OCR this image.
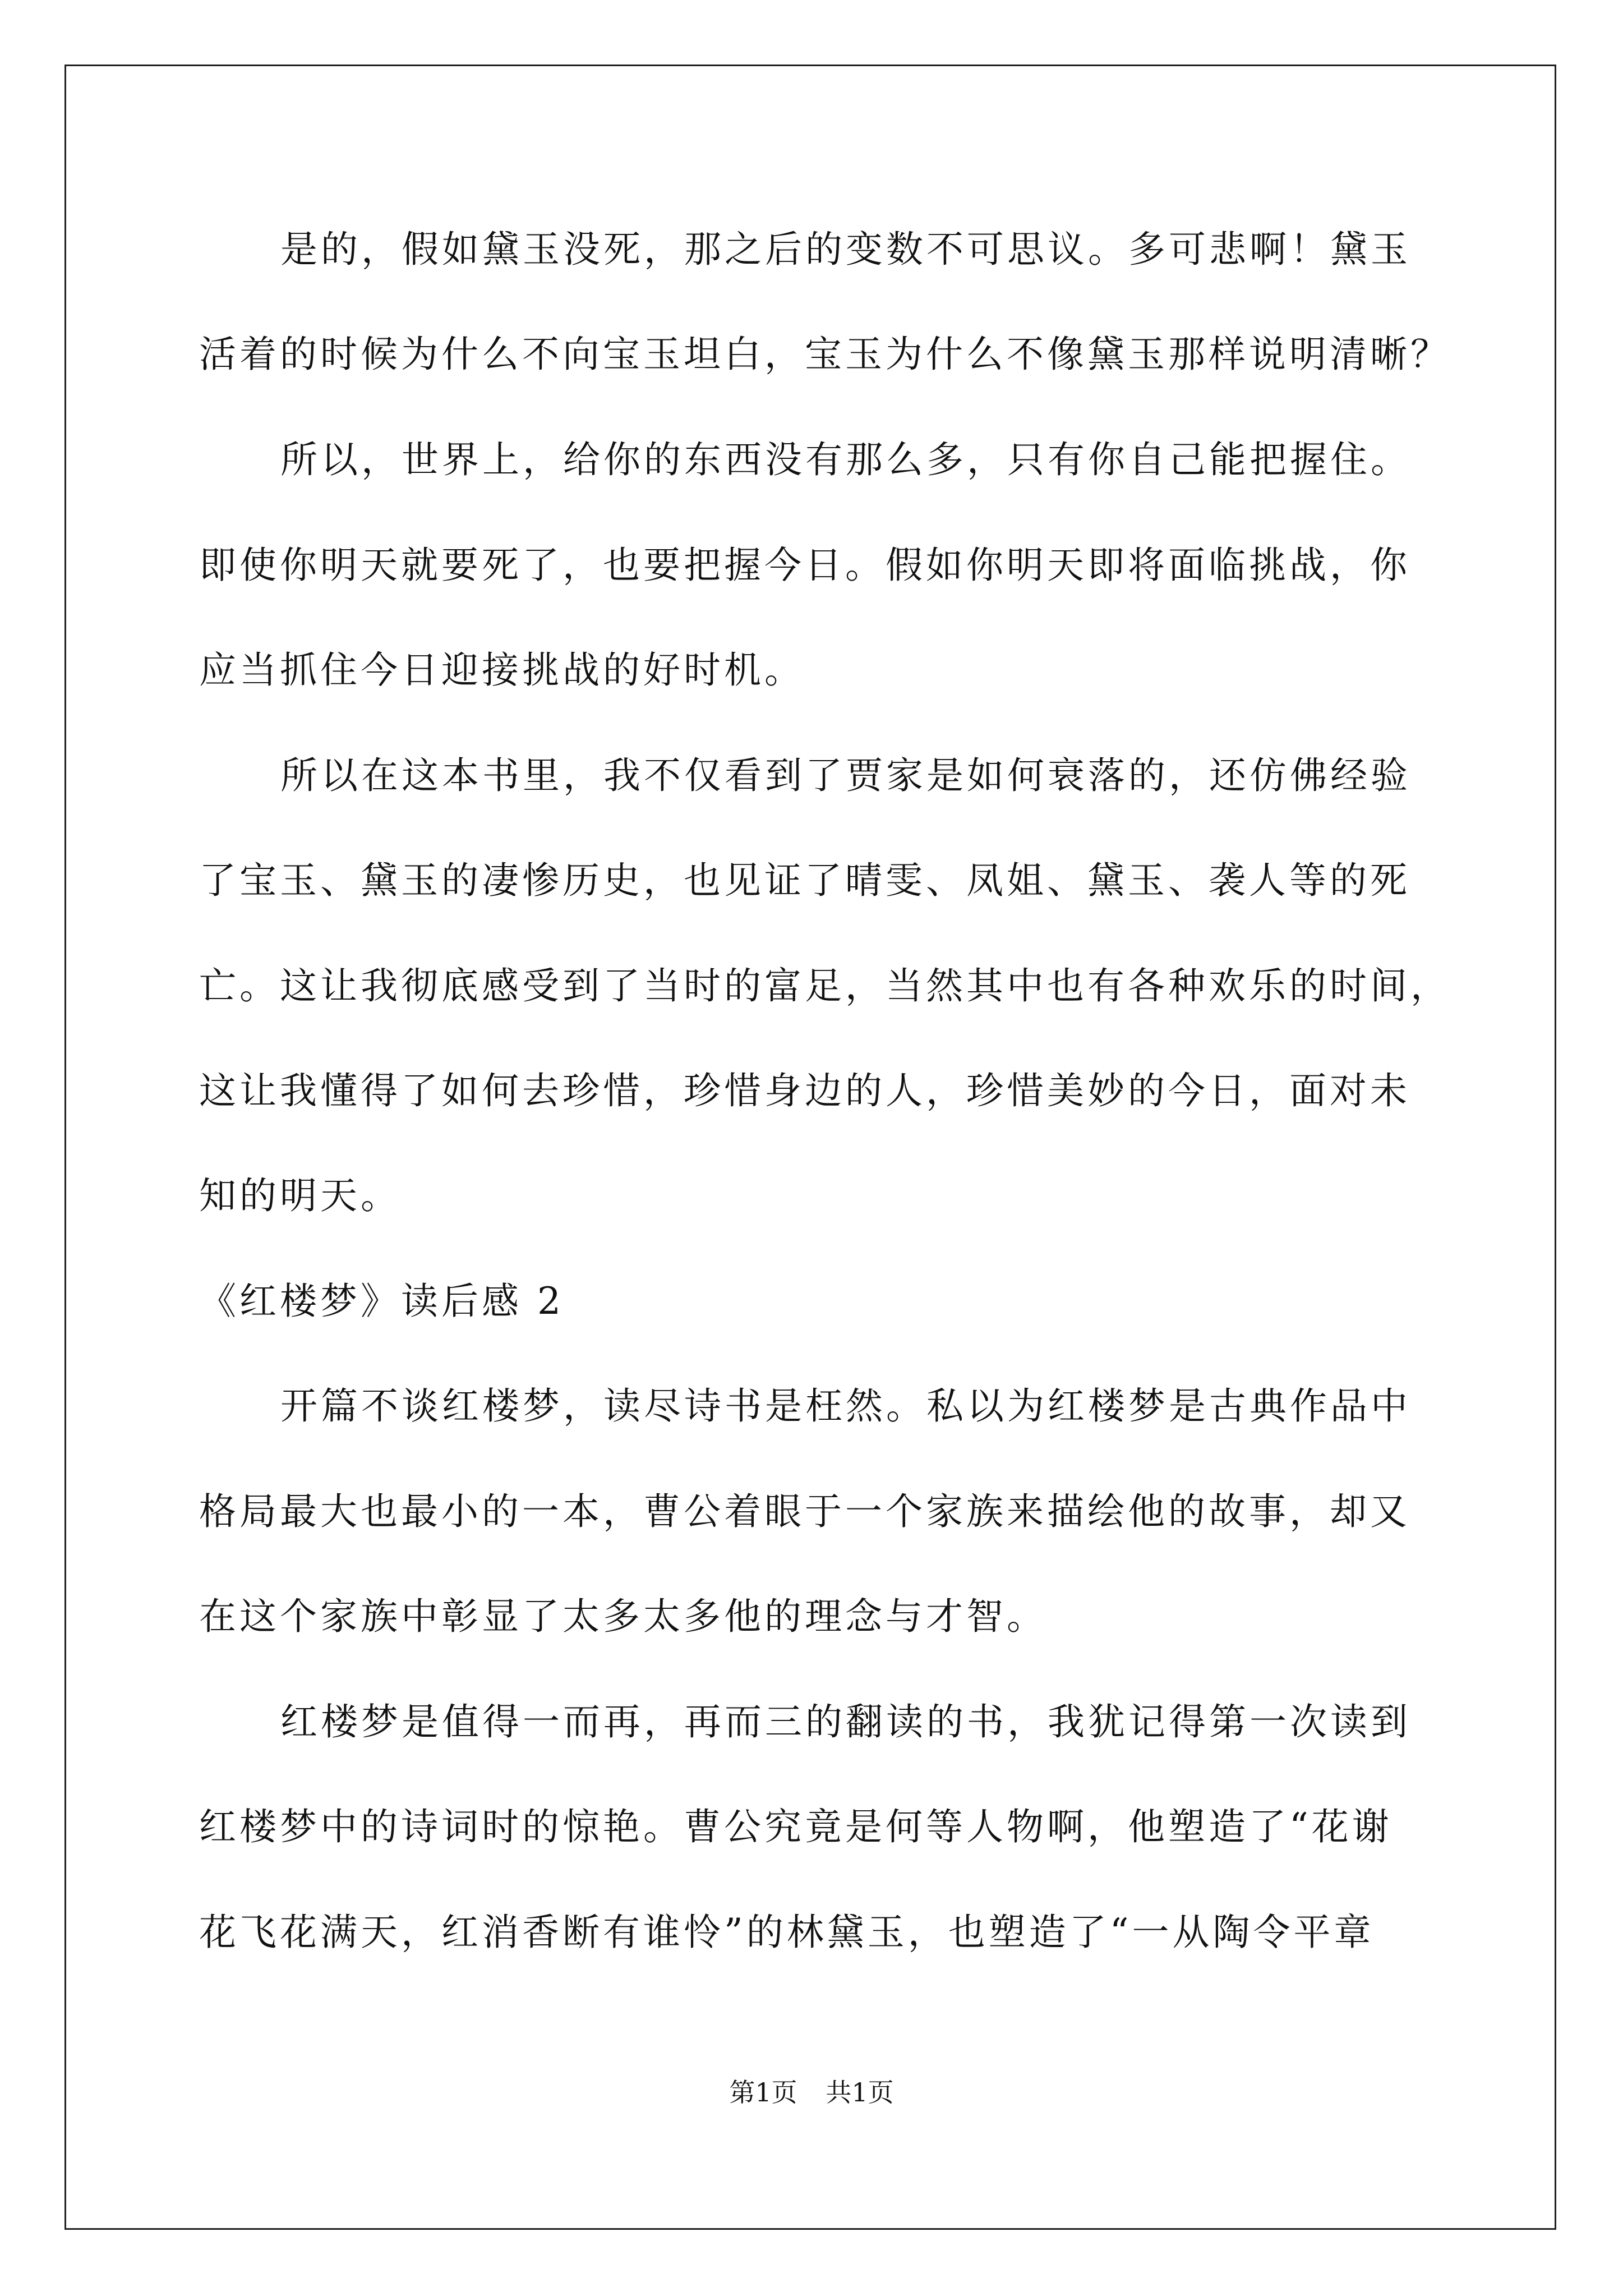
是的，假如黛玉没死，那之后的变数不可思议。多可悲啊！黛玉
活着的时候为什么不向宝玉坦白，宝玉为什么不像黛玉那样说明清晰？
所以，世界上，给你的东西没有那么多，只有你自己能把握住。
即使你明天就要死了，也要把握今日。假如你明天即将面临挑战，你
应当抓住今日迎接挑战的好时机。
所以在这本书里，我不仅看到了贾家是如何衰落的，还仿佛经验
了宝玉、黛玉的凄惨历史，也见证了晴雯、凤姐、黛玉、袭人等的死
亡。这让我彻底感受到了当时的富足，当然其中也有各种欢乐的时间，
这让我懂得了如何去珍惜，珍惜身边的人，珍惜美妙的今日，面对未
知的明天。
《红楼梦》读后感 2
开篇不谈红楼梦，读尽诗书是枉然。私以为红楼梦是古典作品中
格局最大也最小的一本，曹公着眼于一个家族来描绘他的故事，却又
在这个家族中彰显了太多太多他的理念与才智。
红楼梦是值得一而再，再而三的翻读的书，我犹记得第一次读到
红楼梦中的诗词时的惊艳。曹公究竟是何等人物啊，他塑造了“花谢
花飞花满天，红消香断有谁怜”的林黛玉，也塑造了“一从陶令平章
第1页 共1页
